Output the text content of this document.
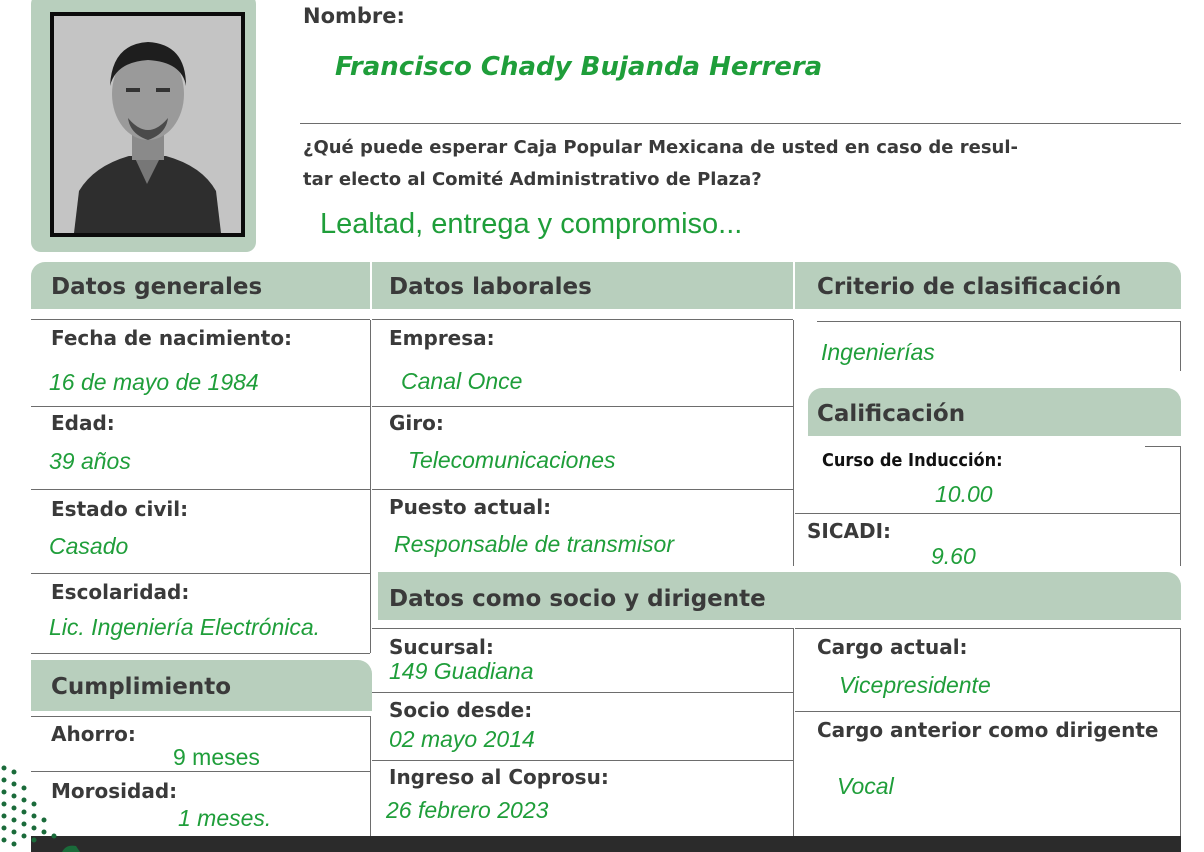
Nombre:
Francisco Chady Bujanda Herrera
¿Qué puede esperar Caja Popular Mexicana de usted en caso de resul-
tar electo al Comité Administrativo de Plaza?
Lealtad, entrega y compromiso...
Datos generales	Datos laborales	Criterio de clasificación
Fecha de nacimiento:
16 de mayo de 1984
Edad:
39 años
Estado civil:
Casado
Escolaridad:
Lic. Ingeniería Electrónica.
Cumplimiento
Ahorro:
9 meses
Morosidad:
1 meses.
Empresa:
Canal Once
Giro:
Telecomunicaciones
Puesto actual:
Responsable de transmisor
Ingenierías
Calificación
Curso de Inducción:
10.00
SICADI:
9.60
Datos como socio y dirigente
Sucursal:
149 Guadiana
Socio desde:
02 mayo 2014
Ingreso al Coprosu:
26 febrero 2023
Cargo actual:
Vicepresidente
Cargo anterior como dirigente
Vocal
